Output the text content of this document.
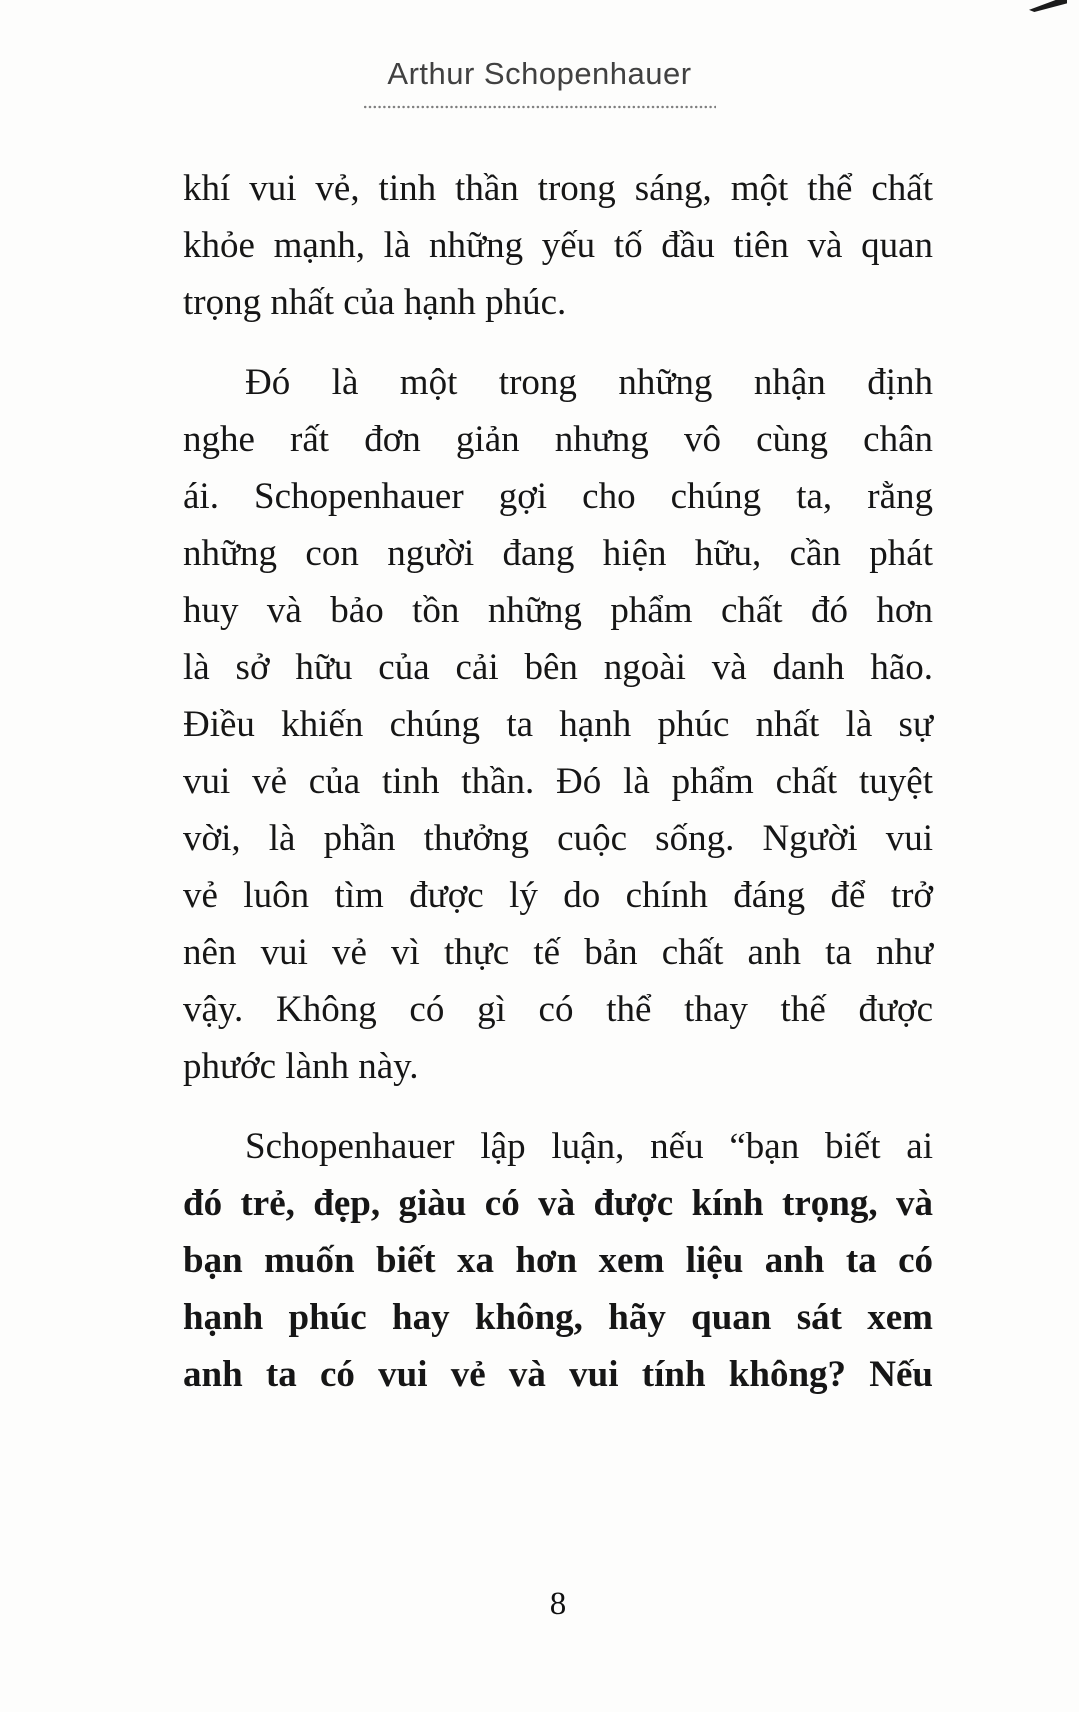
Arthur Schopenhauer
khí vui vẻ, tinh thần trong sáng, một thể chất
khỏe mạnh, là những yếu tố đầu tiên và quan
trọng nhất của hạnh phúc.
Đó là một trong những nhận định
nghe rất đơn giản nhưng vô cùng chân
ái. Schopenhauer gợi cho chúng ta, rằng
những con người đang hiện hữu, cần phát
huy và bảo tồn những phẩm chất đó hơn
là sở hữu của cải bên ngoài và danh hão.
Điều khiến chúng ta hạnh phúc nhất là sự
vui vẻ của tinh thần. Đó là phẩm chất tuyệt
vời, là phần thưởng cuộc sống. Người vui
vẻ luôn tìm được lý do chính đáng để trở
nên vui vẻ vì thực tế bản chất anh ta như
vậy. Không có gì có thể thay thế được
phước lành này.
Schopenhauer lập luận, nếu “bạn biết ai
đó trẻ, đẹp, giàu có và được kính trọng, và
bạn muốn biết xa hơn xem liệu anh ta có
hạnh phúc hay không, hãy quan sát xem
anh ta có vui vẻ và vui tính không? Nếu
8
